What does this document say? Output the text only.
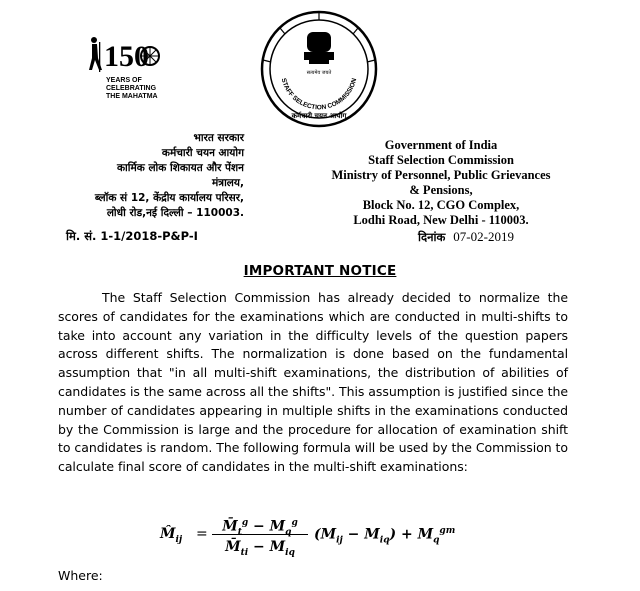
150
YEARS OF
CELEBRATING
THE MAHATMA
सत्यमेव जयते
STAFF SELECTION COMMISSION
कर्मचारी चयन आयोग
भारत सरकार
कर्मचारी चयन आयोग
कार्मिक लोक शिकायत और पेंशन
मंत्रालय,
ब्लॉक सं 12, केंद्रीय कार्यालय परिसर,
लोधी रोड,नई दिल्ली – 110003.
Government of India
Staff Selection Commission
Ministry of Personnel, Public Grievances
& Pensions,
Block No. 12, CGO Complex,
Lodhi Road, New Delhi - 110003.
मि. सं. 1-1/2018-P&P-I	दिनांक 07-02-2019
IMPORTANT NOTICE

The Staff Selection Commission has already decided to normalize the scores of candidates for the examinations which are conducted in multi-shifts to take into account any variation in the difficulty levels of the question papers across different shifts. The normalization is done based on the fundamental assumption that "in all multi-shift examinations, the distribution of abilities of candidates is the same across all the shifts". This assumption is justified since the number of candidates appearing in multiple shifts in the examinations conducted by the Commission is large and the procedure for allocation of examination shift to candidates is random. The following formula will be used by the Commission to calculate final score of candidates in the multi-shift examinations:

$M̂_{ij}$ =	$M̄_t^g - M_q^g$
$M̄_{ti} - M_{iq}$
$(M_{ij} - M_{iq}) + M_q^{gm}$
Where:
